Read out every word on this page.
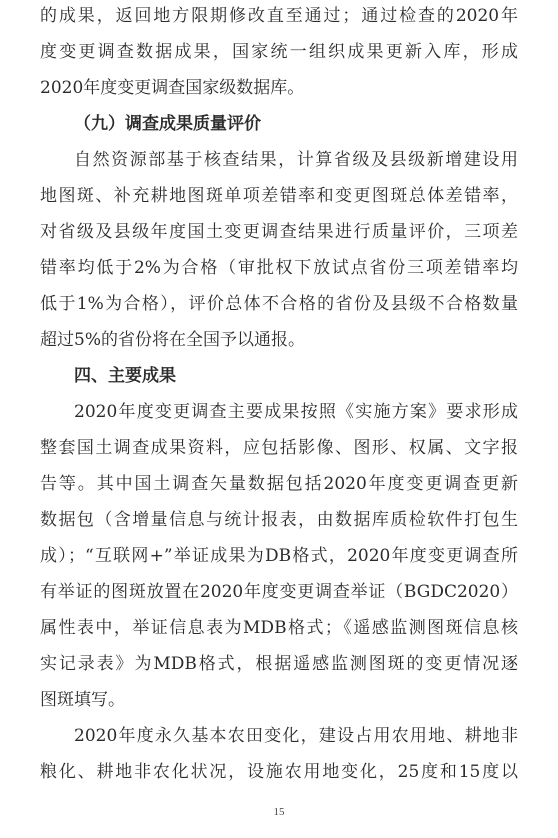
的成果，返回地方限期修改直至通过；通过检查的2020年
度变更调查数据成果，国家统一组织成果更新入库，形成
2020年度变更调查国家级数据库。
（九）调查成果质量评价
自然资源部基于核查结果，计算省级及县级新增建设用
地图斑、补充耕地图斑单项差错率和变更图斑总体差错率，
对省级及县级年度国土变更调查结果进行质量评价，三项差
错率均低于2%为合格（审批权下放试点省份三项差错率均
低于1%为合格），评价总体不合格的省份及县级不合格数量
超过5%的省份将在全国予以通报。
四、主要成果
2020年度变更调查主要成果按照《实施方案》要求形成
整套国土调查成果资料，应包括影像、图形、权属、文字报
告等。其中国土调查矢量数据包括2020年度变更调查更新
数据包（含增量信息与统计报表，由数据库质检软件打包生
成）；“互联网+”举证成果为DB格式，2020年度变更调查所
有举证的图斑放置在2020年度变更调查举证（BGDC2020）
属性表中，举证信息表为MDB格式；《遥感监测图斑信息核
实记录表》为MDB格式，根据遥感监测图斑的变更情况逐
图斑填写。
2020年度永久基本农田变化，建设占用农用地、耕地非
粮化、耕地非农化状况，设施农用地变化，25度和15度以
15
